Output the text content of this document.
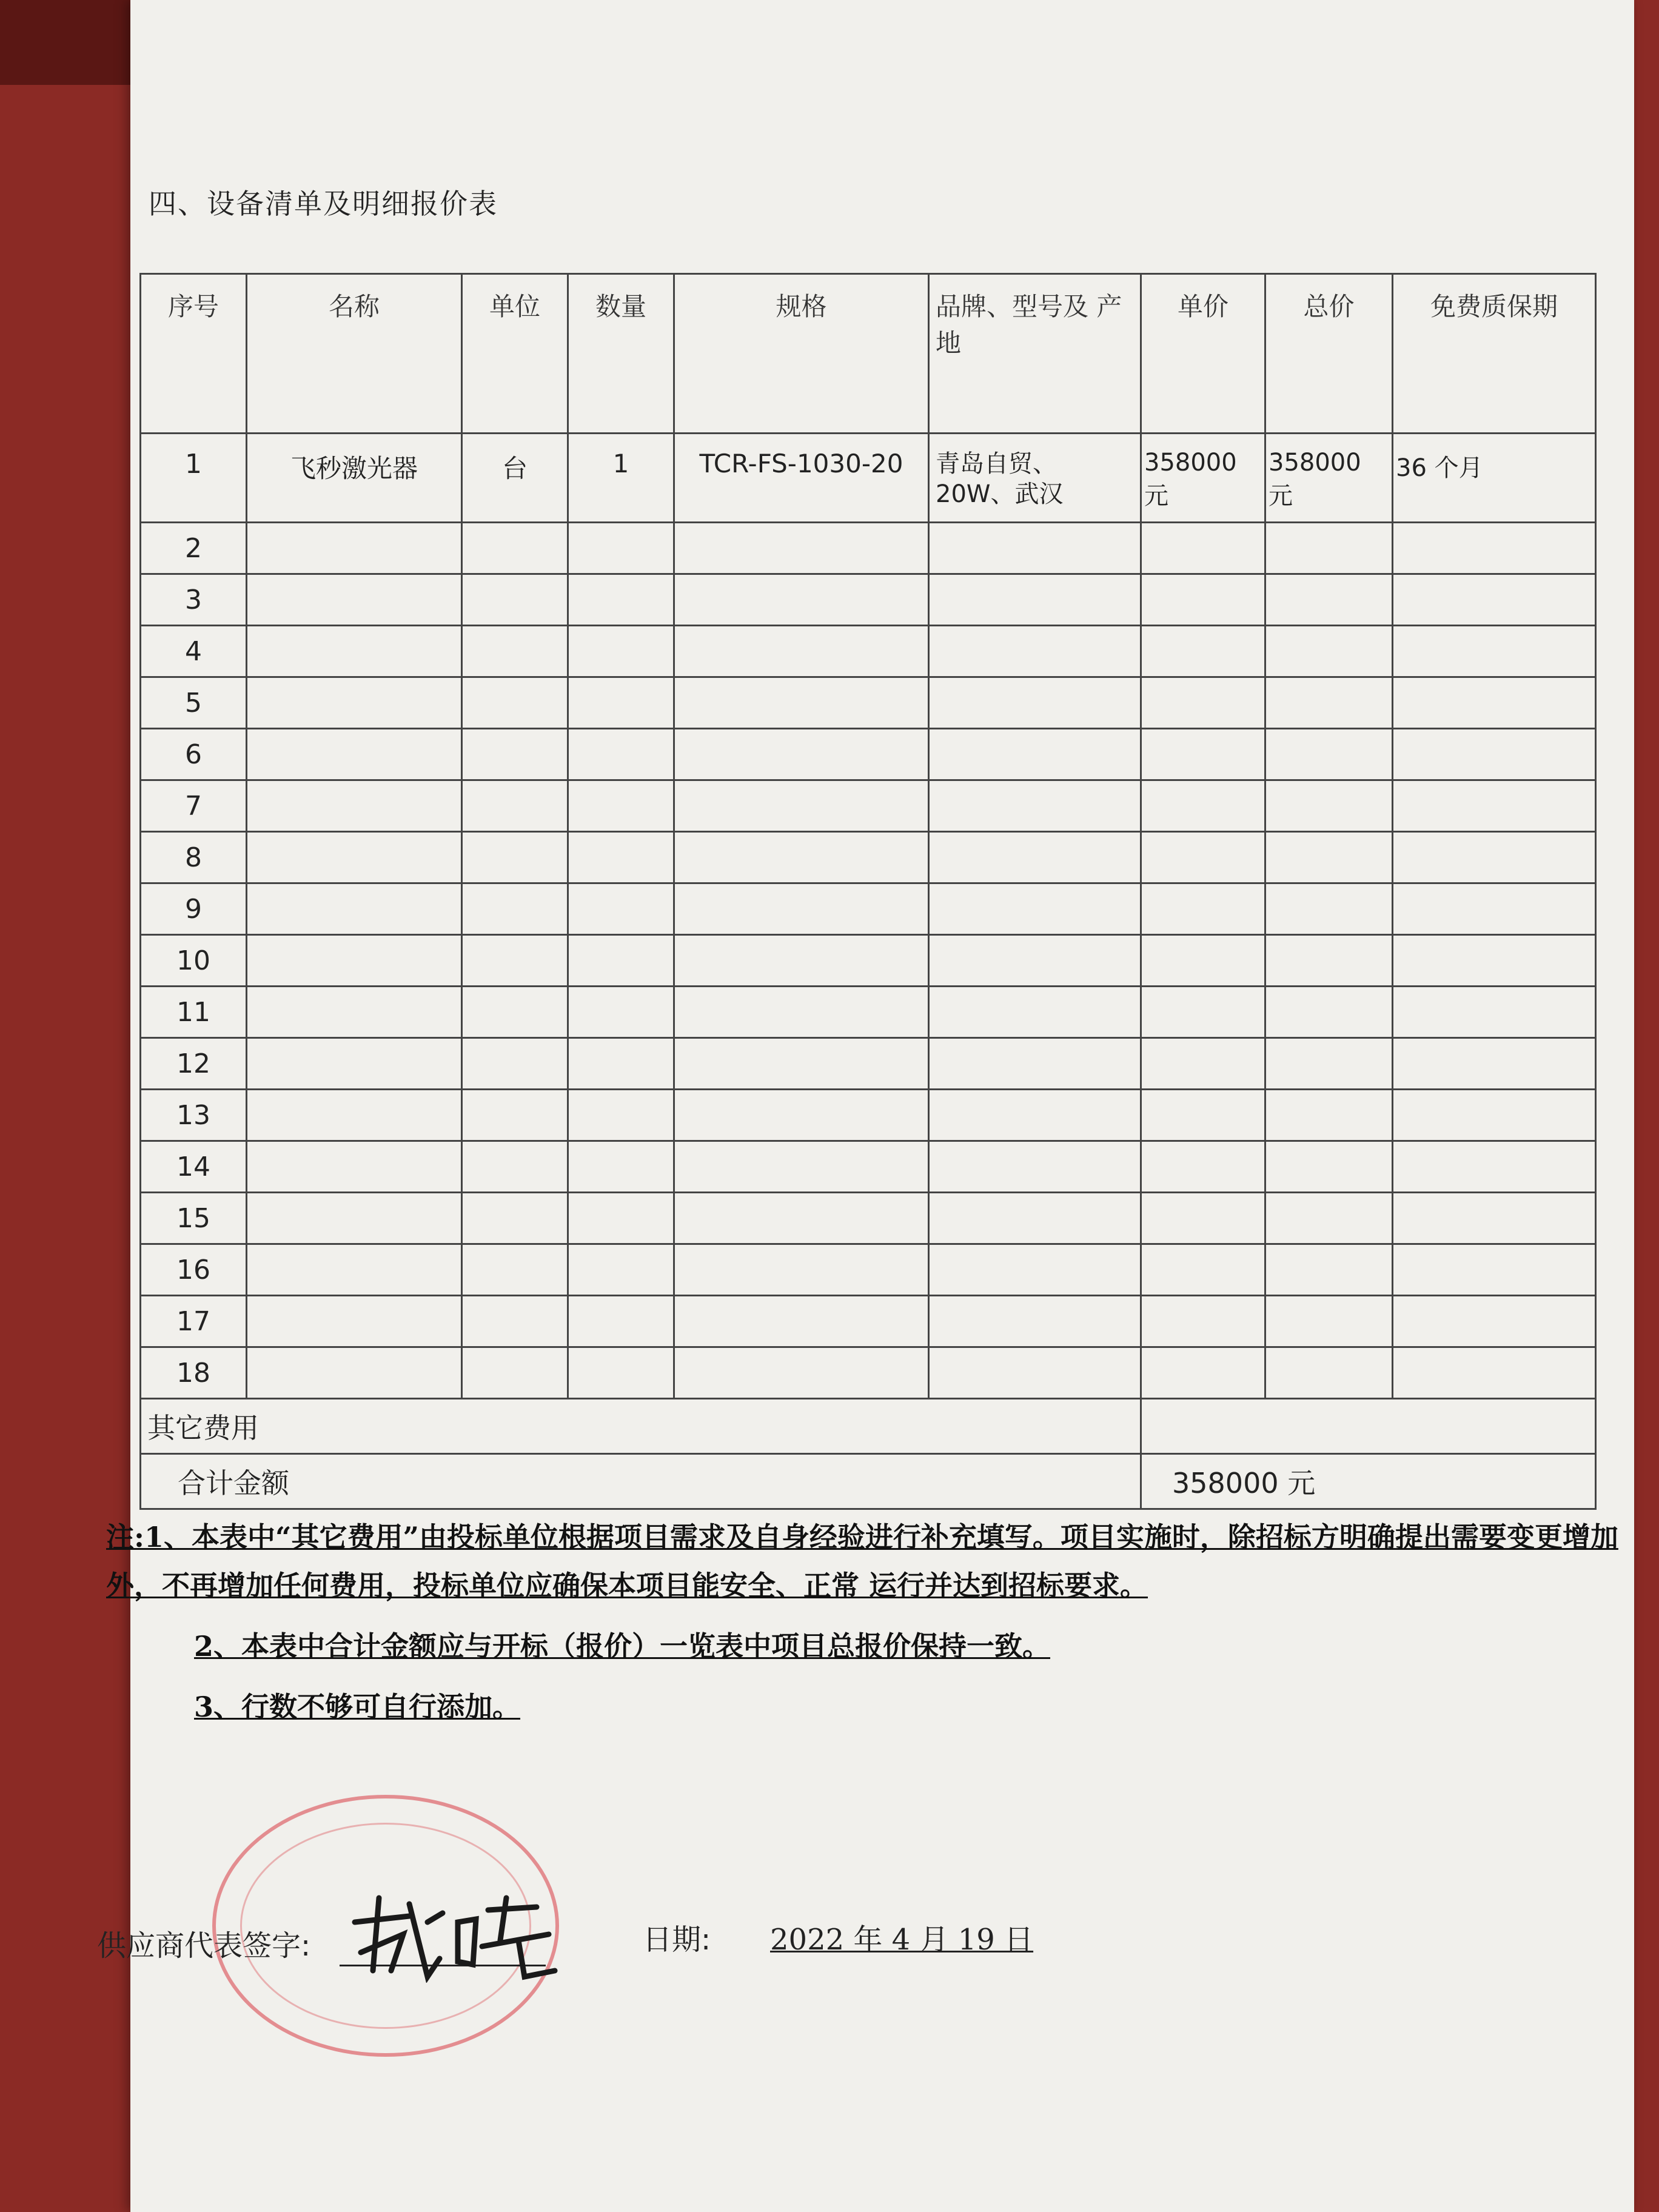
四、设备清单及明细报价表
序号	名称	单位	数量	规格	品牌、型号及 产地	单价	总价	免费质保期
1	飞秒激光器	台	1	TCR-FS-1030-20	青岛自贸、20W、武汉	358000 元	358000 元	36 个月
2								
3								
4								
5								
6								
7								
8								
9								
10								
11								
12								
13								
14								
15								
16								
17								
18								
其它费用								
合计金额						358000 元		

注:1、本表中“其它费用”由投标单位根据项目需求及自身经验进行补充填写。项目实施时，除招标方明确提出需要变更增加外，不再增加任何费用，投标单位应确保本项目能安全、正常 运行并达到招标要求。

2、本表中合计金额应与开标（报价）一览表中项目总报价保持一致。

3、行数不够可自行添加。

供应商代表签字:	日期: 2022 年 4 月 19 日
